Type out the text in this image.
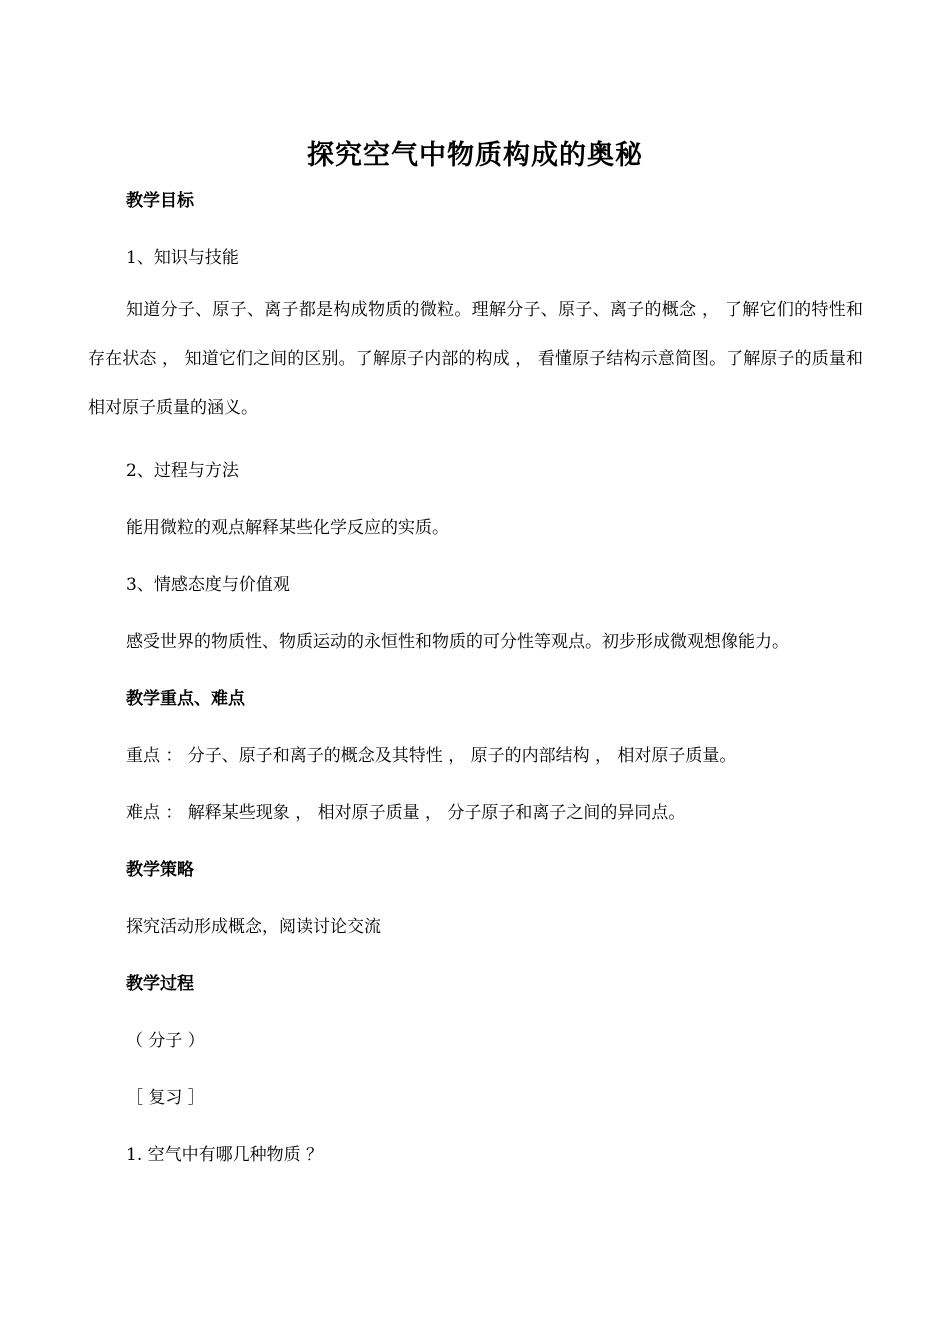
探究空气中物质构成的奥秘
教学目标
1、知识与技能
知道分子、原子、离子都是构成物质的微粒。理解分子、原子、离子的概念 ， 了解它们的特性和存在状态 ， 知道它们之间的区别。了解原子内部的构成 ， 看懂原子结构示意简图。了解原子的质量和相对原子质量的涵义。
2、过程与方法
能用微粒的观点解释某些化学反应的实质。
3、情感态度与价值观
感受世界的物质性、物质运动的永恒性和物质的可分性等观点。初步形成微观想像能力。
教学重点、难点
重点 ： 分子、原子和离子的概念及其特性 ， 原子的内部结构 ， 相对原子质量。
难点 ： 解释某些现象 ， 相对原子质量 ， 分子原子和离子之间的异同点。
教学策略
探究活动形成概念，阅读讨论交流
教学过程
（ 分子 ）
［ 复习 ］
1. 空气中有哪几种物质 ？
